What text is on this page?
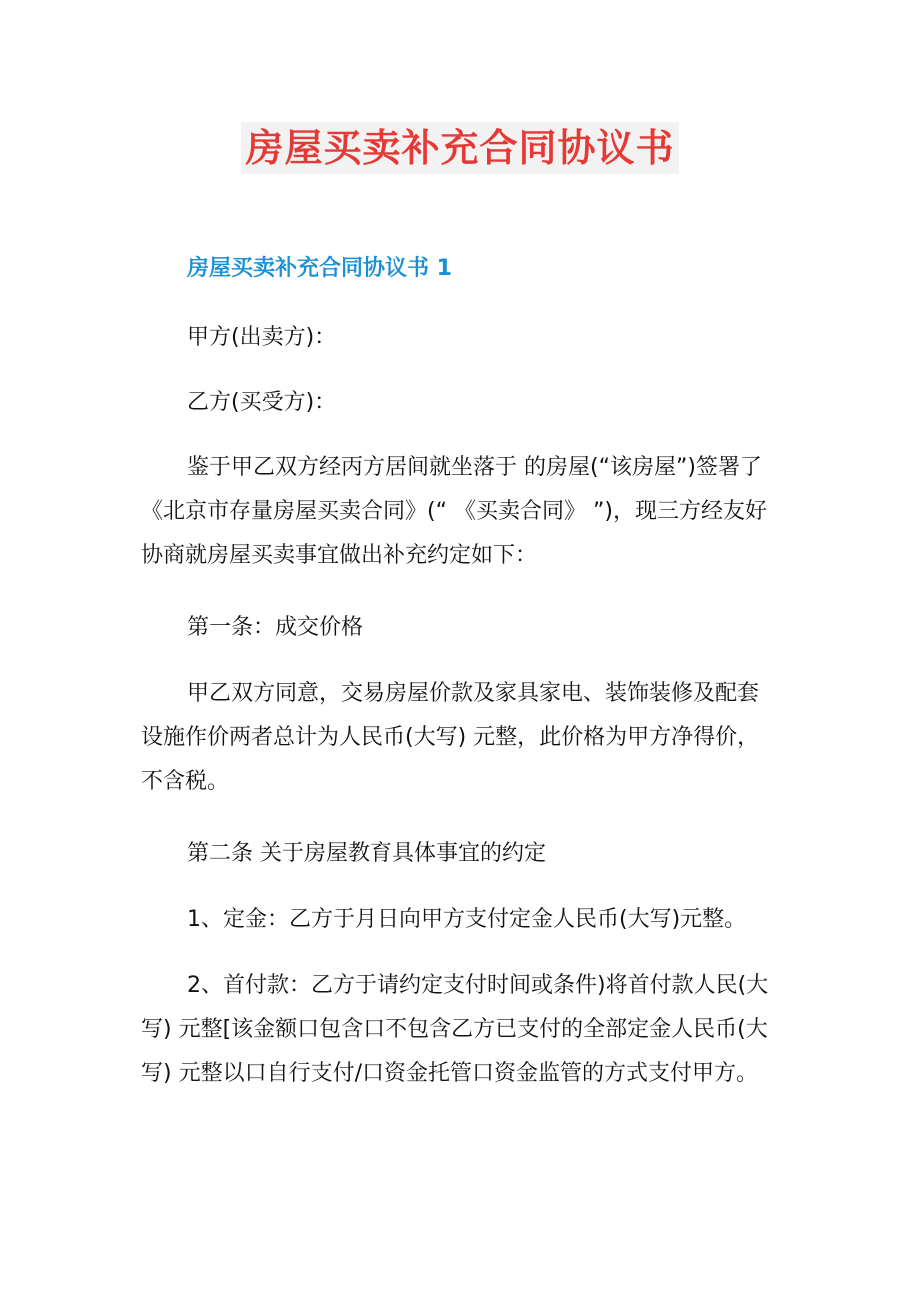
房屋买卖补充合同协议书
房屋买卖补充合同协议书 1

甲方(出卖方)：

乙方(买受方)：

鉴于甲乙双方经丙方居间就坐落于 的房屋(“该房屋”)签署了《北京市存量房屋买卖合同》(“ 《买卖合同》 ”)，现三方经友好协商就房屋买卖事宜做出补充约定如下：

第一条：成交价格

甲乙双方同意，交易房屋价款及家具家电、装饰装修及配套设施作价两者总计为人民币(大写) 元整，此价格为甲方净得价，不含税。

第二条 关于房屋教育具体事宜的约定

1、定金：乙方于月日向甲方支付定金人民币(大写)元整。

2、首付款：乙方于请约定支付时间或条件)将首付款人民(大 写) 元整[该金额口包含口不包含乙方已支付的全部定金人民币(大 写) 元整以口自行支付/口资金托管口资金监管的方式支付甲方。
